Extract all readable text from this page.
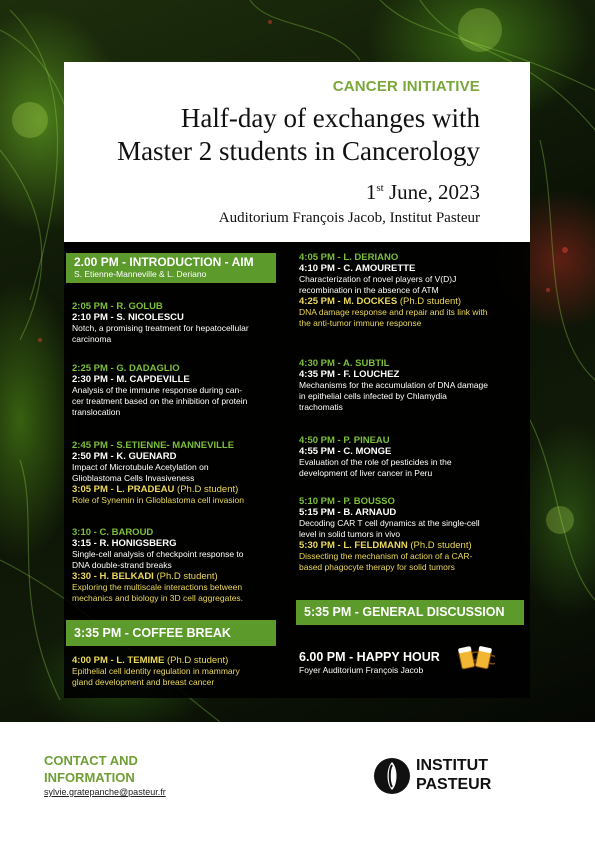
CANCER INITIATIVE
Half-day of exchanges with
Master 2 students in Cancerology
1st June, 2023
Auditorium François Jacob, Institut Pasteur
2.00 PM - INTRODUCTION - AIM
S. Etienne-Manneville & L. Deriano
2:05 PM - R. GOLUB
2:10 PM - S. NICOLESCU
Notch, a promising treatment for hepatocellular
carcinoma
2:25 PM - G. DADAGLIO
2:30 PM - M. CAPDEVILLE
Analysis of the immune response during can-
cer treatment based on the inhibition of protein
translocation
2:45 PM - S.ETIENNE- MANNEVILLE
2:50 PM - K. GUENARD
Impact of Microtubule Acetylation on
Glioblastoma Cells Invasiveness
3:05 PM - L. PRADEAU (Ph.D student)
Role of Synemin in Glioblastoma cell invasion
3:10 - C. BAROUD
3:15 - R. HONIGSBERG
Single-cell analysis of checkpoint response to
DNA double-strand breaks
3:30 - H. BELKADI (Ph.D student)
Exploring the multiscale interactions between
mechanics and biology in 3D cell aggregates.
3:35 PM - COFFEE BREAK
4:00 PM - L. TEMIME (Ph.D student)
Epithelial cell identity regulation in mammary
gland development and breast cancer
4:05 PM - L. DERIANO
4:10 PM - C. AMOURETTE
Characterization of novel players of V(D)J
recombination in the absence of ATM
4:25 PM - M. DOCKES (Ph.D student)
DNA damage response and repair and its link with
the anti-tumor immune response
4:30 PM - A. SUBTIL
4:35 PM - F. LOUCHEZ
Mechanisms for the accumulation of DNA damage
in epithelial cells infected by Chlamydia
trachomatis
4:50 PM - P. PINEAU
4:55 PM - C. MONGE
Evaluation of the role of pesticides in the
development of liver cancer in Peru
5:10 PM - P. BOUSSO
5:15 PM - B. ARNAUD
Decoding CAR T cell dynamics at the single-cell
level in solid tumors in vivo
5:30 PM - L. FELDMANN (Ph.D student)
Dissecting the mechanism of action of a CAR-
based phagocyte therapy for solid tumors
5:35 PM - GENERAL DISCUSSION
6.00 PM - HAPPY HOUR
Foyer Auditorium François Jacob
CONTACT AND
INFORMATION
sylvie.gratepanche@pasteur.fr
INSTITUT
PASTEUR
